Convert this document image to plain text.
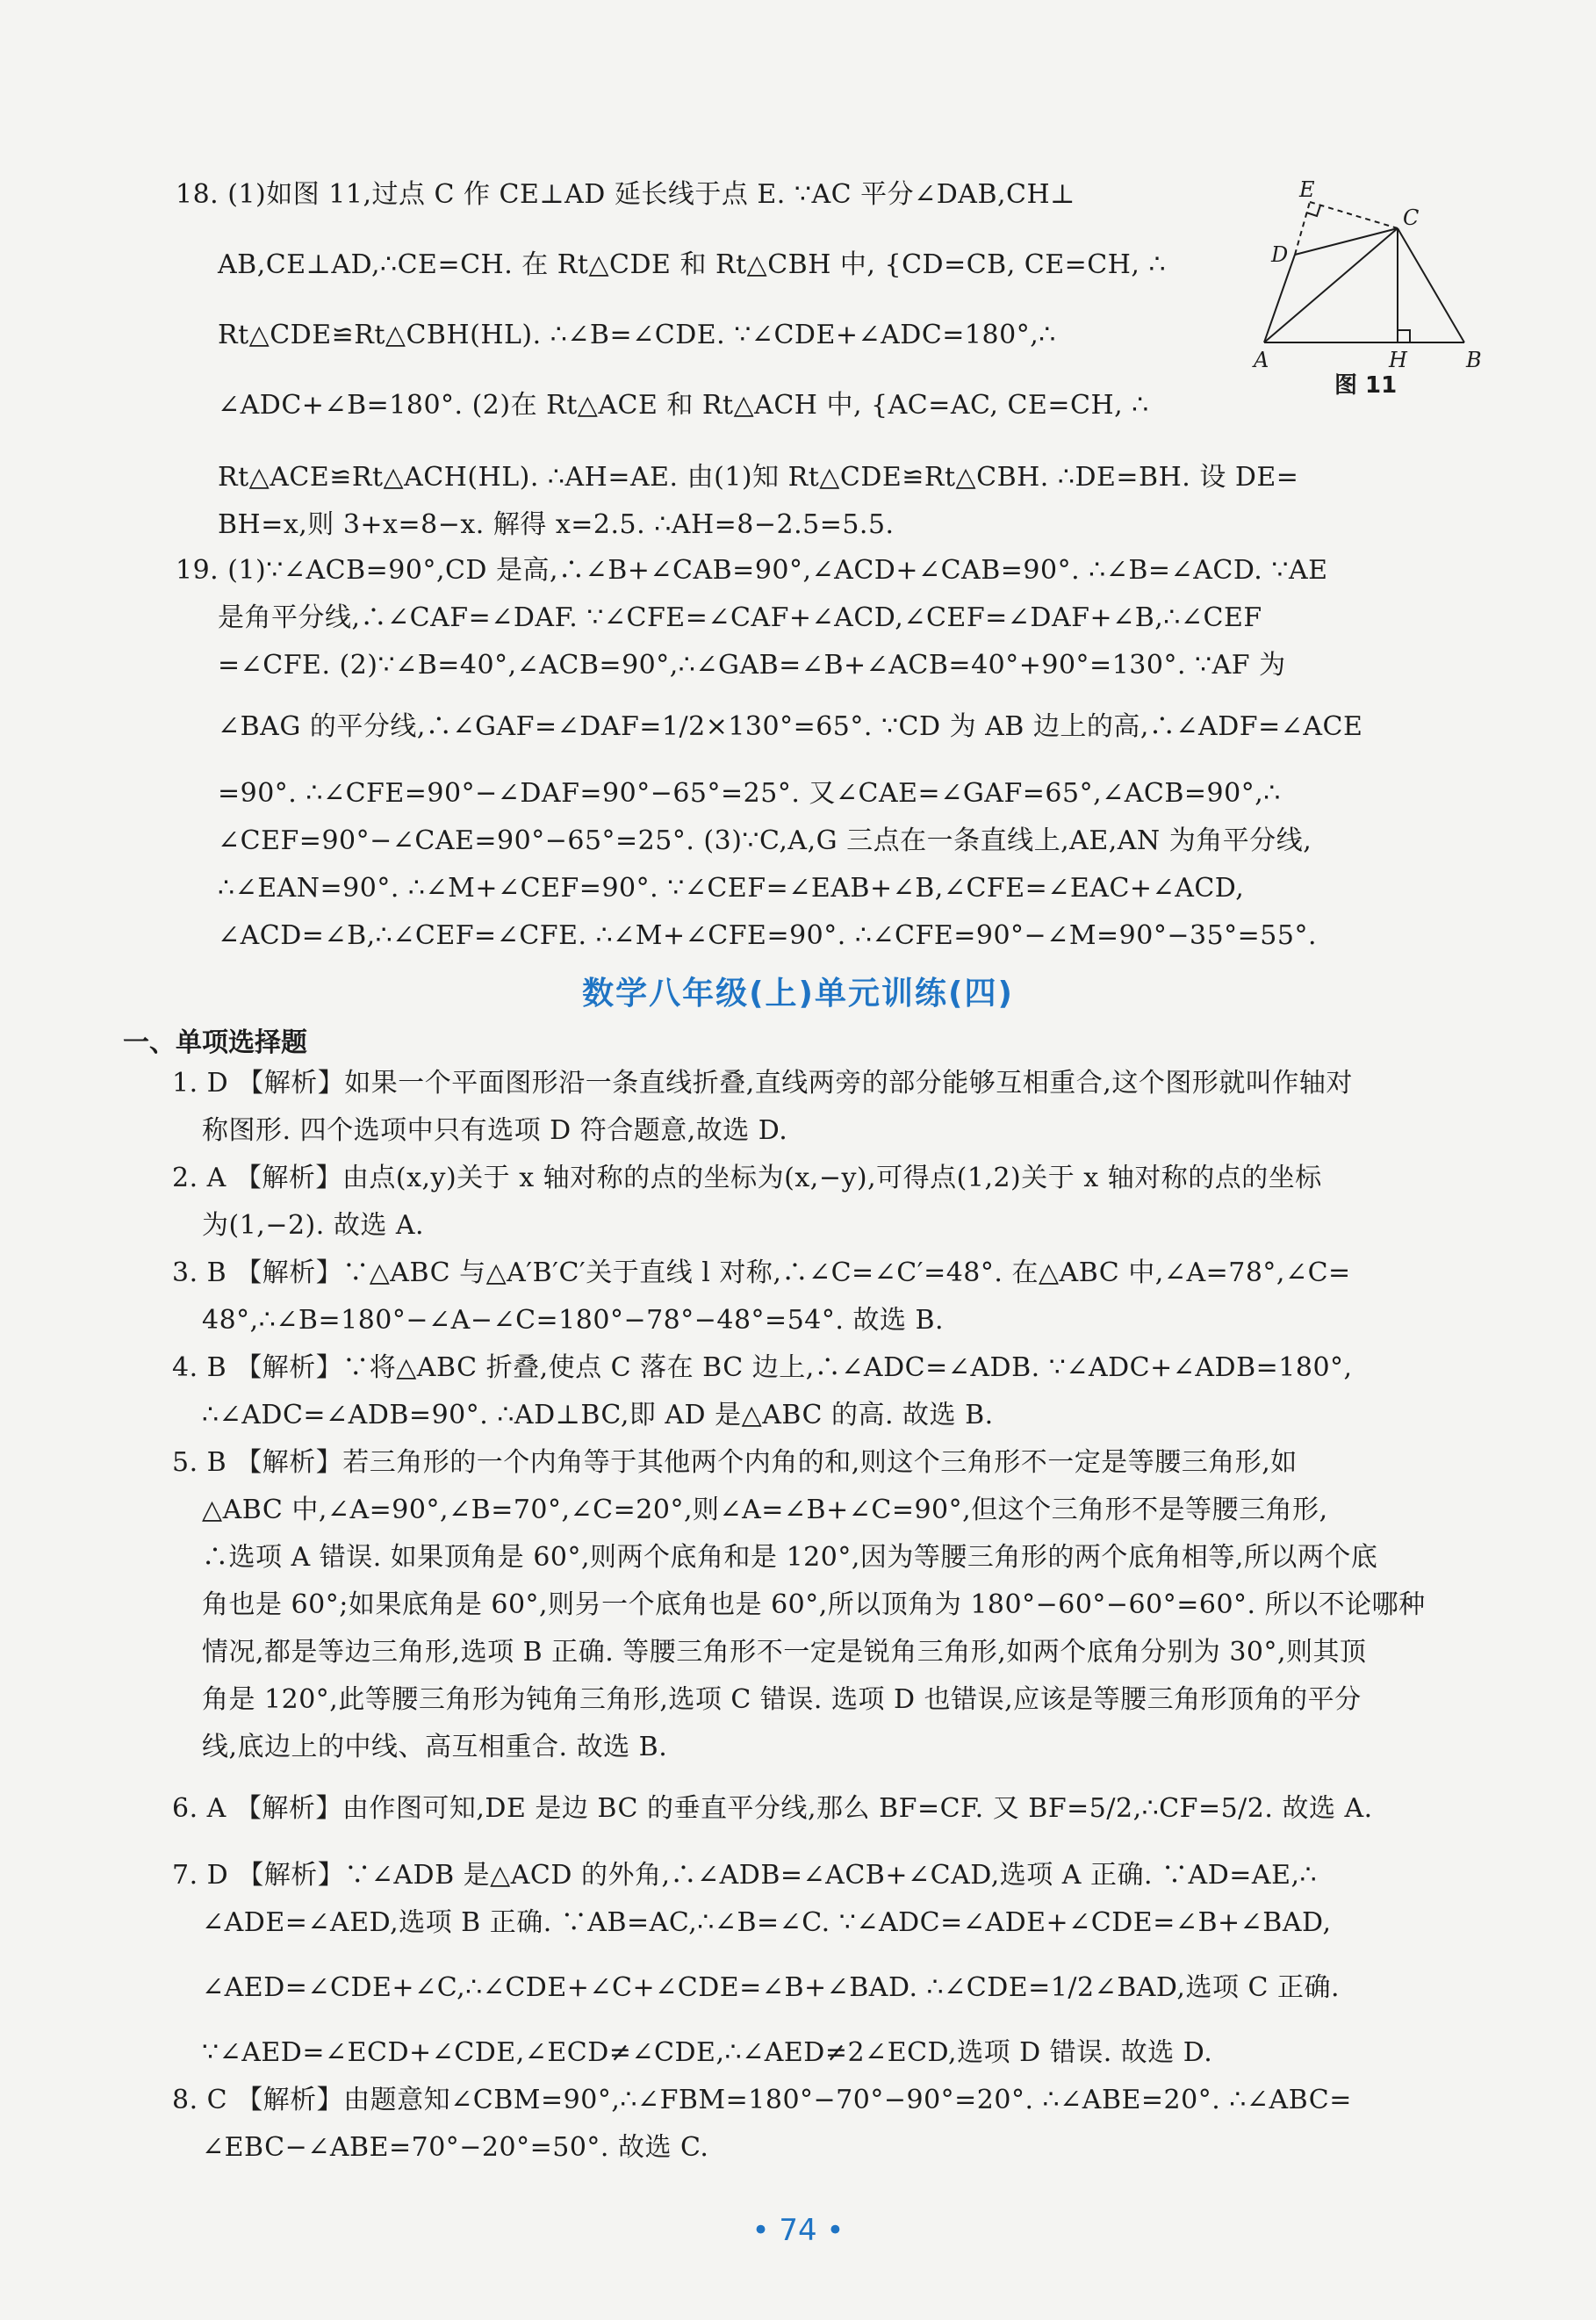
18. (1)如图 11,过点 C 作 CE⊥AD 延长线于点 E. ∵AC 平分∠DAB,CH⊥
AB,CE⊥AD,∴CE=CH. 在 Rt△CDE 和 Rt△CBH 中, {CD=CB, CE=CH, ∴
Rt△CDE≌Rt△CBH(HL). ∴∠B=∠CDE. ∵∠CDE+∠ADC=180°,∴
∠ADC+∠B=180°. (2)在 Rt△ACE 和 Rt△ACH 中, {AC=AC, CE=CH, ∴
Rt△ACE≌Rt△ACH(HL). ∴AH=AE. 由(1)知 Rt△CDE≌Rt△CBH. ∴DE=BH. 设 DE=
BH=x,则 3+x=8−x. 解得 x=2.5. ∴AH=8−2.5=5.5.
E
C
D
A	H	B
图 11
19. (1)∵∠ACB=90°,CD 是高,∴∠B+∠CAB=90°,∠ACD+∠CAB=90°. ∴∠B=∠ACD. ∵AE
是角平分线,∴∠CAF=∠DAF. ∵∠CFE=∠CAF+∠ACD,∠CEF=∠DAF+∠B,∴∠CEF
=∠CFE. (2)∵∠B=40°,∠ACB=90°,∴∠GAB=∠B+∠ACB=40°+90°=130°. ∵AF 为
∠BAG 的平分线,∴∠GAF=∠DAF=1/2×130°=65°. ∵CD 为 AB 边上的高,∴∠ADF=∠ACE
=90°. ∴∠CFE=90°−∠DAF=90°−65°=25°. 又∠CAE=∠GAF=65°,∠ACB=90°,∴
∠CEF=90°−∠CAE=90°−65°=25°. (3)∵C,A,G 三点在一条直线上,AE,AN 为角平分线,
∴∠EAN=90°. ∴∠M+∠CEF=90°. ∵∠CEF=∠EAB+∠B,∠CFE=∠EAC+∠ACD,
∠ACD=∠B,∴∠CEF=∠CFE. ∴∠M+∠CFE=90°. ∴∠CFE=90°−∠M=90°−35°=55°.
数学八年级(上)单元训练(四)
一、单项选择题
1. D 【解析】如果一个平面图形沿一条直线折叠,直线两旁的部分能够互相重合,这个图形就叫作轴对
称图形. 四个选项中只有选项 D 符合题意,故选 D.
2. A 【解析】由点(x,y)关于 x 轴对称的点的坐标为(x,−y),可得点(1,2)关于 x 轴对称的点的坐标
为(1,−2). 故选 A.
3. B 【解析】∵△ABC 与△A′B′C′关于直线 l 对称,∴∠C=∠C′=48°. 在△ABC 中,∠A=78°,∠C=
48°,∴∠B=180°−∠A−∠C=180°−78°−48°=54°. 故选 B.
4. B 【解析】∵将△ABC 折叠,使点 C 落在 BC 边上,∴∠ADC=∠ADB. ∵∠ADC+∠ADB=180°,
∴∠ADC=∠ADB=90°. ∴AD⊥BC,即 AD 是△ABC 的高. 故选 B.
5. B 【解析】若三角形的一个内角等于其他两个内角的和,则这个三角形不一定是等腰三角形,如
△ABC 中,∠A=90°,∠B=70°,∠C=20°,则∠A=∠B+∠C=90°,但这个三角形不是等腰三角形,
∴选项 A 错误. 如果顶角是 60°,则两个底角和是 120°,因为等腰三角形的两个底角相等,所以两个底
角也是 60°;如果底角是 60°,则另一个底角也是 60°,所以顶角为 180°−60°−60°=60°. 所以不论哪种
情况,都是等边三角形,选项 B 正确. 等腰三角形不一定是锐角三角形,如两个底角分别为 30°,则其顶
角是 120°,此等腰三角形为钝角三角形,选项 C 错误. 选项 D 也错误,应该是等腰三角形顶角的平分
线,底边上的中线、高互相重合. 故选 B.
6. A 【解析】由作图可知,DE 是边 BC 的垂直平分线,那么 BF=CF. 又 BF=5/2,∴CF=5/2. 故选 A.
7. D 【解析】∵∠ADB 是△ACD 的外角,∴∠ADB=∠ACB+∠CAD,选项 A 正确. ∵AD=AE,∴
∠ADE=∠AED,选项 B 正确. ∵AB=AC,∴∠B=∠C. ∵∠ADC=∠ADE+∠CDE=∠B+∠BAD,
∠AED=∠CDE+∠C,∴∠CDE+∠C+∠CDE=∠B+∠BAD. ∴∠CDE=1/2∠BAD,选项 C 正确.
∵∠AED=∠ECD+∠CDE,∠ECD≠∠CDE,∴∠AED≠2∠ECD,选项 D 错误. 故选 D.
8. C 【解析】由题意知∠CBM=90°,∴∠FBM=180°−70°−90°=20°. ∴∠ABE=20°. ∴∠ABC=
∠EBC−∠ABE=70°−20°=50°. 故选 C.
• 74 •
